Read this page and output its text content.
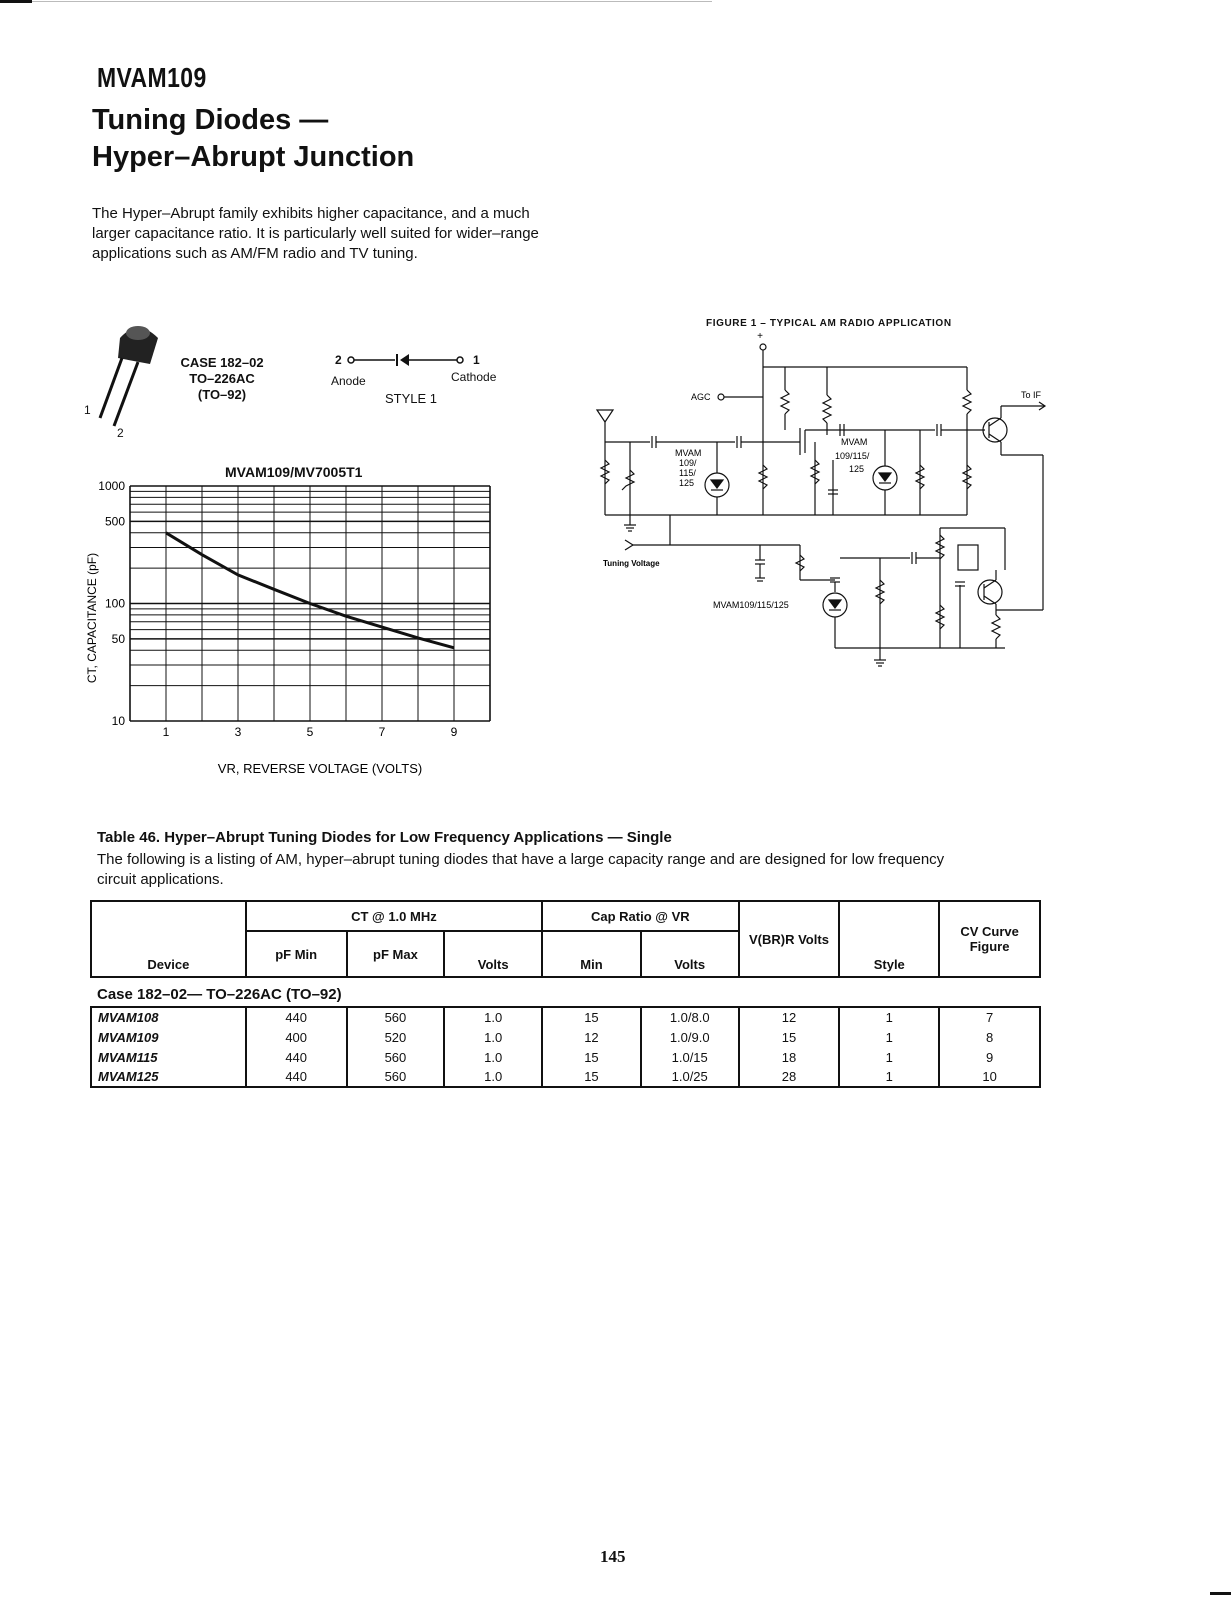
MVAM109
Tuning Diodes —
Hyper–Abrupt Junction
The Hyper–Abrupt family exhibits higher capacitance, and a much larger capacitance ratio. It is particularly well suited for wider–range applications such as AM/FM radio and TV tuning.
1
2
CASE 182–02
TO–226AC
(TO–92)
2	1
Anode	Cathode
STYLE 1
MVAM109/MV7005T1
1	3	5	7	9
1000
500
100
50
10
VR, REVERSE VOLTAGE (VOLTS)
CT, CAPACITANCE (pF)
FIGURE 1 – TYPICAL AM RADIO APPLICATION
+
AGC	To IF
Tuning Voltage
MVAM
109/
115/
125
MVAM
109/115/
125
MVAM109/115/125
Table 46. Hyper–Abrupt Tuning Diodes for Low Frequency Applications — Single
The following is a listing of AM, hyper–abrupt tuning diodes that have a large capacity range and are designed for low frequency circuit applications.
Device	CT @ 1.0 MHz			Cap Ratio @ VR		V(BR)R Volts	Style	CV Curve Figure
	pF Min	pF Max	Volts	Min	Volts			
Case 182–02— TO–226AC (TO–92)
MVAM108	440	560	1.0	15	1.0/8.0	12	1	7
MVAM109	400	520	1.0	12	1.0/9.0	15	1	8
MVAM115	440	560	1.0	15	1.0/15	18	1	9
MVAM125	440	560	1.0	15	1.0/25	28	1	10
145
